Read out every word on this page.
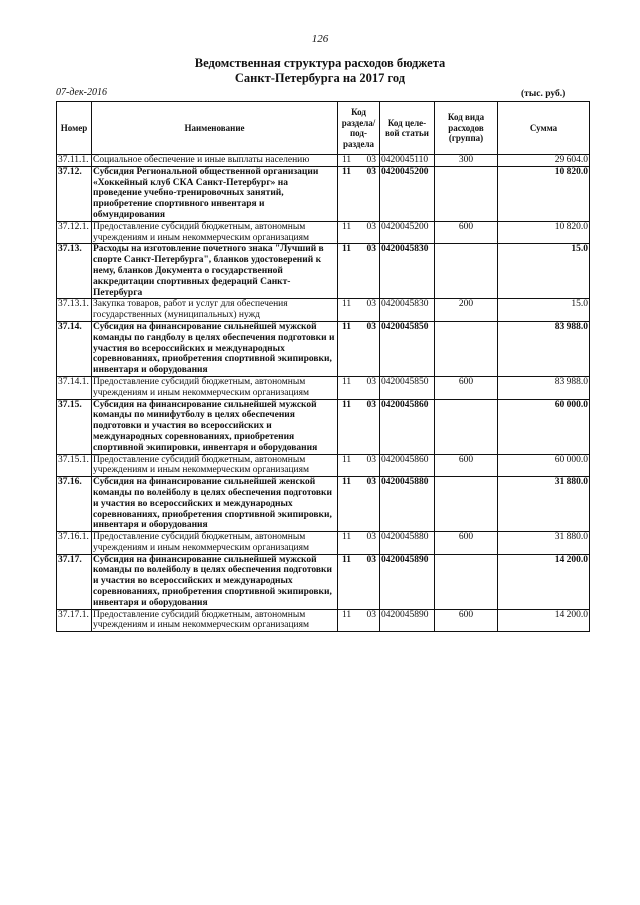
126
Ведомственная структура расходов бюджета
Санкт-Петербурга на 2017 год
07-дек-2016	(тыс. руб.)
Номер	Наименование	Код раздела/ под- раздела	Код целе- вой статьи	Код вида расходов (группа)	Сумма
37.11.1.	Социальное обеспечение и иные выплаты населению	11 03	0420045110	300	29 604.0
37.12.	Субсидия Региональной общественной организации «Хоккейный клуб СКА Санкт-Петербург» на проведение учебно-тренировочных занятий, приобретение спортивного инвентаря и обмундирования	11 03	0420045200		10 820.0
37.12.1.	Предоставление субсидий бюджетным, автономным учреждениям и иным некоммерческим организациям	11 03	0420045200	600	10 820.0
37.13.	Расходы на изготовление почетного знака "Лучший в спорте Санкт-Петербурга", бланков удостоверений к нему, бланков Документа о государственной аккредитации спортивных федераций Санкт-Петербурга	11 03	0420045830		15.0
37.13.1.	Закупка товаров, работ и услуг для обеспечения государственных (муниципальных) нужд	11 03	0420045830	200	15.0
37.14.	Субсидия на финансирование сильнейшей мужской команды по гандболу в целях обеспечения подготовки и участия во всероссийских и международных соревнованиях, приобретения спортивной экипировки, инвентаря и оборудования	11 03	0420045850		83 988.0
37.14.1.	Предоставление субсидий бюджетным, автономным учреждениям и иным некоммерческим организациям	11 03	0420045850	600	83 988.0
37.15.	Субсидия на финансирование сильнейшей мужской команды по минифутболу в целях обеспечения подготовки и участия во всероссийских и международных соревнованиях, приобретения спортивной экипировки, инвентаря и оборудования	11 03	0420045860		60 000.0
37.15.1.	Предоставление субсидий бюджетным, автономным учреждениям и иным некоммерческим организациям	11 03	0420045860	600	60 000.0
37.16.	Субсидия на финансирование сильнейшей женской команды по волейболу в целях обеспечения подготовки и участия во всероссийских и международных соревнованиях, приобретения спортивной экипировки, инвентаря и оборудования	11 03	0420045880		31 880.0
37.16.1.	Предоставление субсидий бюджетным, автономным учреждениям и иным некоммерческим организациям	11 03	0420045880	600	31 880.0
37.17.	Субсидия на финансирование сильнейшей мужской команды по волейболу в целях обеспечения подготовки и участия во всероссийских и международных соревнованиях, приобретения спортивной экипировки, инвентаря и оборудования	11 03	0420045890		14 200.0
37.17.1.	Предоставление субсидий бюджетным, автономным учреждениям и иным некоммерческим организациям	11 03	0420045890	600	14 200.0
